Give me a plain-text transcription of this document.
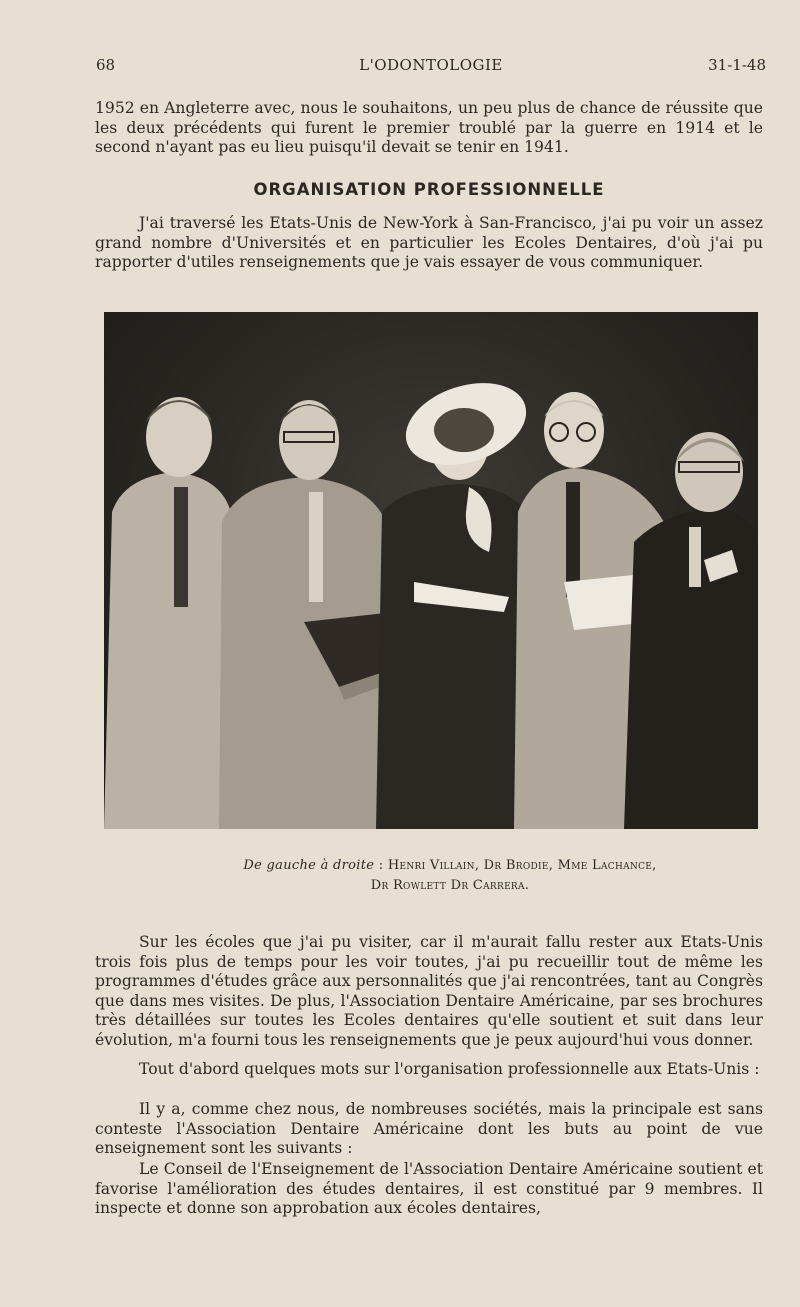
68	L'ODONTOLOGIE	31-1-48

1952 en Angleterre avec, nous le souhaitons, un peu plus de chance de réussite que les deux précédents qui furent le premier troublé par la guerre en 1914 et le second n'ayant pas eu lieu puisqu'il devait se tenir en 1941.

ORGANISATION PROFESSIONNELLE

J'ai traversé les Etats-Unis de New-York à San-Francisco, j'ai pu voir un assez grand nombre d'Universités et en particulier les Ecoles Dentaires, d'où j'ai pu rapporter d'utiles renseignements que je vais essayer de vous communiquer.

De gauche à droite : Henri Villain, Dr Brodie, Mme Lachance,
Dr Rowlett Dr Carrera.

Sur les écoles que j'ai pu visiter, car il m'aurait fallu rester aux Etats-Unis trois fois plus de temps pour les voir toutes, j'ai pu recueillir tout de même les programmes d'études grâce aux personnalités que j'ai rencontrées, tant au Congrès que dans mes visites. De plus, l'Association Dentaire Américaine, par ses brochures très détaillées sur toutes les Ecoles dentaires qu'elle soutient et suit dans leur évolution, m'a fourni tous les renseignements que je peux aujourd'hui vous donner.

Tout d'abord quelques mots sur l'organisation professionnelle aux Etats-Unis :

Il y a, comme chez nous, de nombreuses sociétés, mais la principale est sans conteste l'Association Dentaire Américaine dont les buts au point de vue enseignement sont les suivants :

Le Conseil de l'Enseignement de l'Association Dentaire Américaine soutient et favorise l'amélioration des études dentaires, il est constitué par 9 membres. Il inspecte et donne son approbation aux écoles dentaires,
